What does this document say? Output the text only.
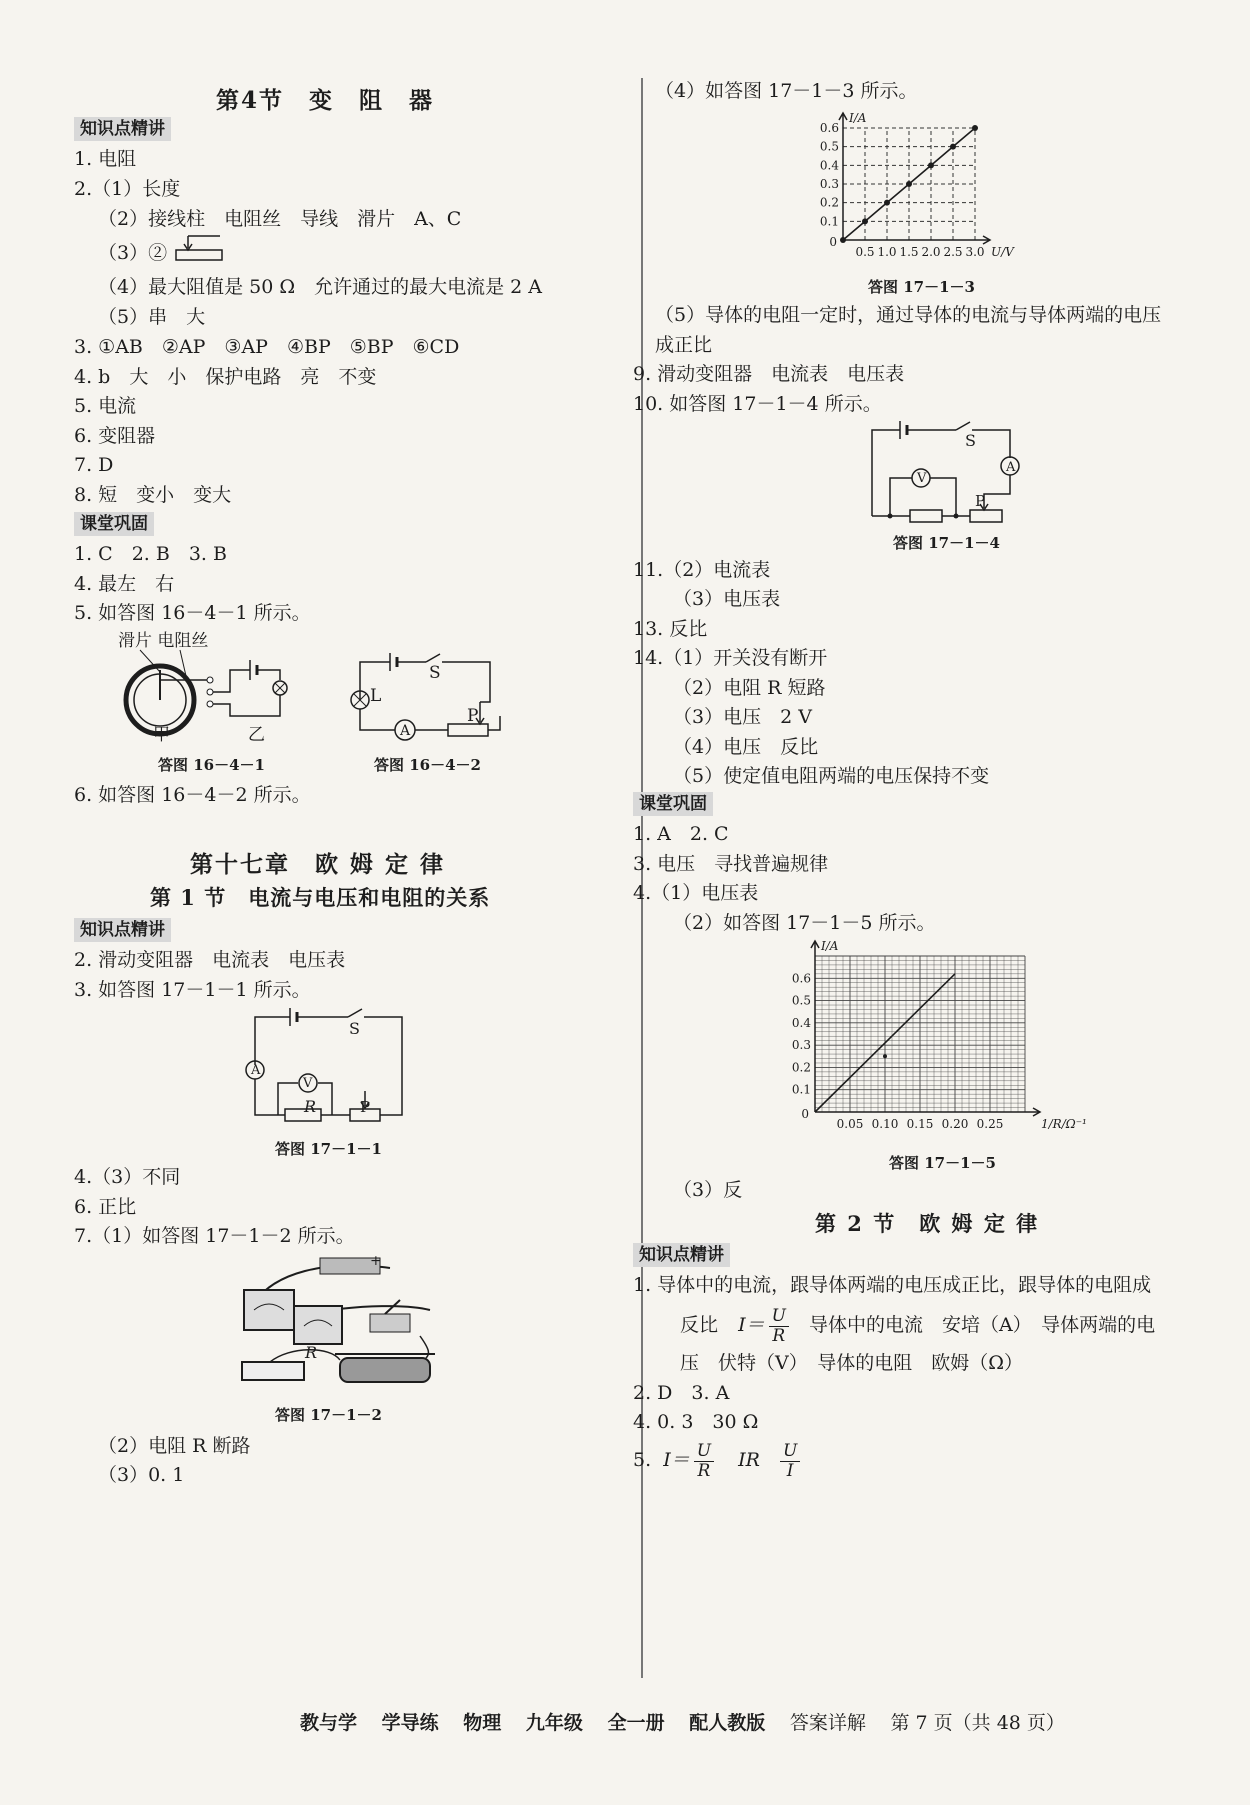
第4节　变　阻　器
知识点精讲
1. 电阻
2.（1）长度
（2）接线柱　电阻丝　导线　滑片　A、C
（3）②
（4）最大阻值是 50 Ω　允许通过的最大电流是 2 A
（5）串　大
3. ①AB　②AP　③AP　④BP　⑤BP　⑥CD
4. b　大　小　保护电路　亮　不变
5. 电流
6. 变阻器
7. D
8. 短　变小　变大
课堂巩固
1. C　2. B　3. B
4. 最左　右
5. 如答图 16－4－1 所示。
滑片 电阻丝
甲	乙
L
S
P
A
答图 16－4－1	答图 16－4－2
6. 如答图 16－4－2 所示。
第十七章　欧 姆 定 律
第 1 节　电流与电压和电阻的关系
知识点精讲
2. 滑动变阻器　电流表　电压表
3. 如答图 17－1－1 所示。
S
A
V
R	P
答图 17－1－1
4.（3）不同
6. 正比
7.（1）如答图 17－1－2 所示。
R
+
答图 17－1－2
（2）电阻 R 断路
（3）0. 1
（4）如答图 17－1－3 所示。
0.5 1.0 1.5 2.0 2.5 3.0
0.1
0.2
0.3
0.4
0.5
0.6
0
I/A
U/V
答图 17－1－3
（5）导体的电阻一定时，通过导体的电流与导体两端的电压
成正比
9. 滑动变阻器　电流表　电压表
10. 如答图 17－1－4 所示。
S
A
V
P
答图 17－1－4
11.（2）电流表
（3）电压表
13. 反比
14.（1）开关没有断开
（2）电阻 R 短路
（3）电压　2 V
（4）电压　反比
（5）使定值电阻两端的电压保持不变
课堂巩固
1. A　2. C
3. 电压　寻找普遍规律
4.（1）电压表
（2）如答图 17－1－5 所示。
0.05 0.10 0.15 0.20 0.25
0.1
0.2
0.3
0.4
0.5
0.6
0
I/A
1/R/Ω⁻¹
答图 17－1－5
（3）反
第 2 节　欧 姆 定 律
知识点精讲
1. 导体中的电流，跟导体两端的电压成正比，跟导体的电阻成
反比 $I= \frac{U}{R}$ 导体中的电流　安培（A）　导体两端的电
压　伏特（V）　导体的电阻　欧姆（Ω）
2. D　3. A
4. 0. 3　30 Ω
5. $I= \frac{U}{R}$ IR $\frac{U}{I}$
教与学 学导练 物理 九年级 全一册 配人教版 答案详解 第 7 页（共 48 页）
